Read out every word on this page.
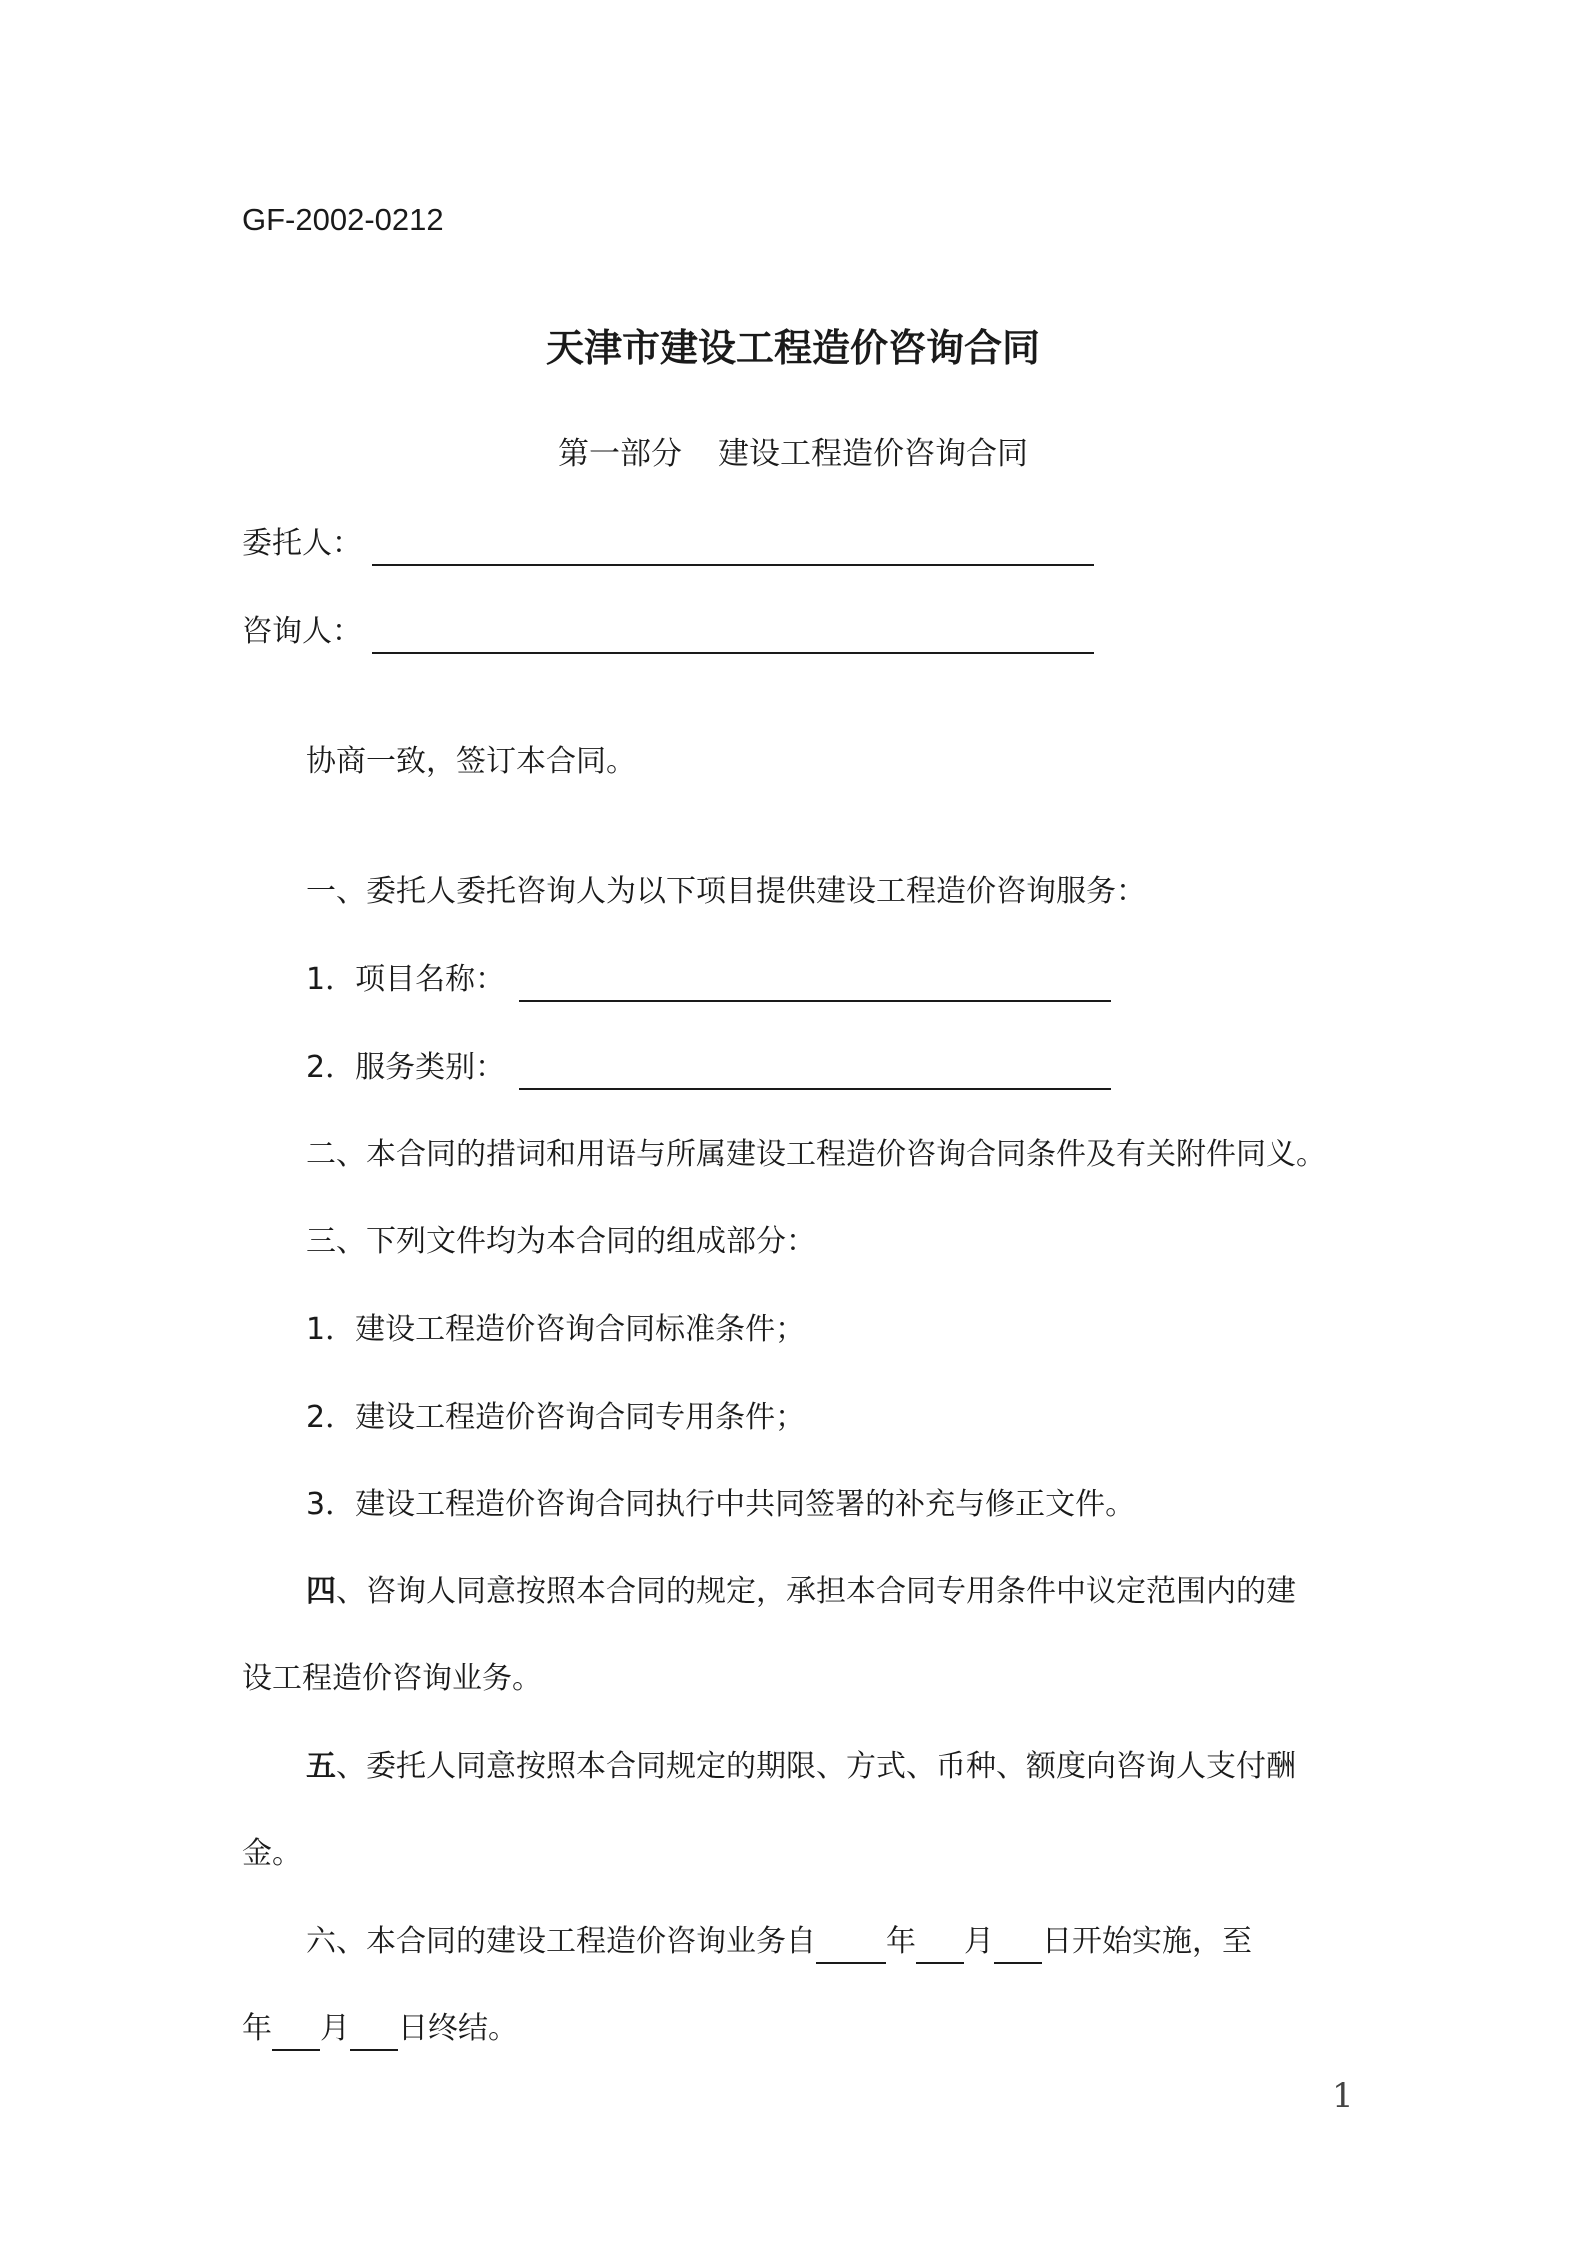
GF-2002-0212
天津市建设工程造价咨询合同
第一部分 建设工程造价咨询合同
委托人：
咨询人：
协商一致，签订本合同。
一、委托人委托咨询人为以下项目提供建设工程造价咨询服务：
1．项目名称：
2．服务类别：
二、本合同的措词和用语与所属建设工程造价咨询合同条件及有关附件同义。
三、下列文件均为本合同的组成部分：
1．建设工程造价咨询合同标准条件；
2．建设工程造价咨询合同专用条件；
3．建设工程造价咨询合同执行中共同签署的补充与修正文件。
四、咨询人同意按照本合同的规定，承担本合同专用条件中议定范围内的建
设工程造价咨询业务。
五、委托人同意按照本合同规定的期限、方式、币种、额度向咨询人支付酬
金。
六、本合同的建设工程造价咨询业务自 年 月 日开始实施，至
年 月 日终结。
1
